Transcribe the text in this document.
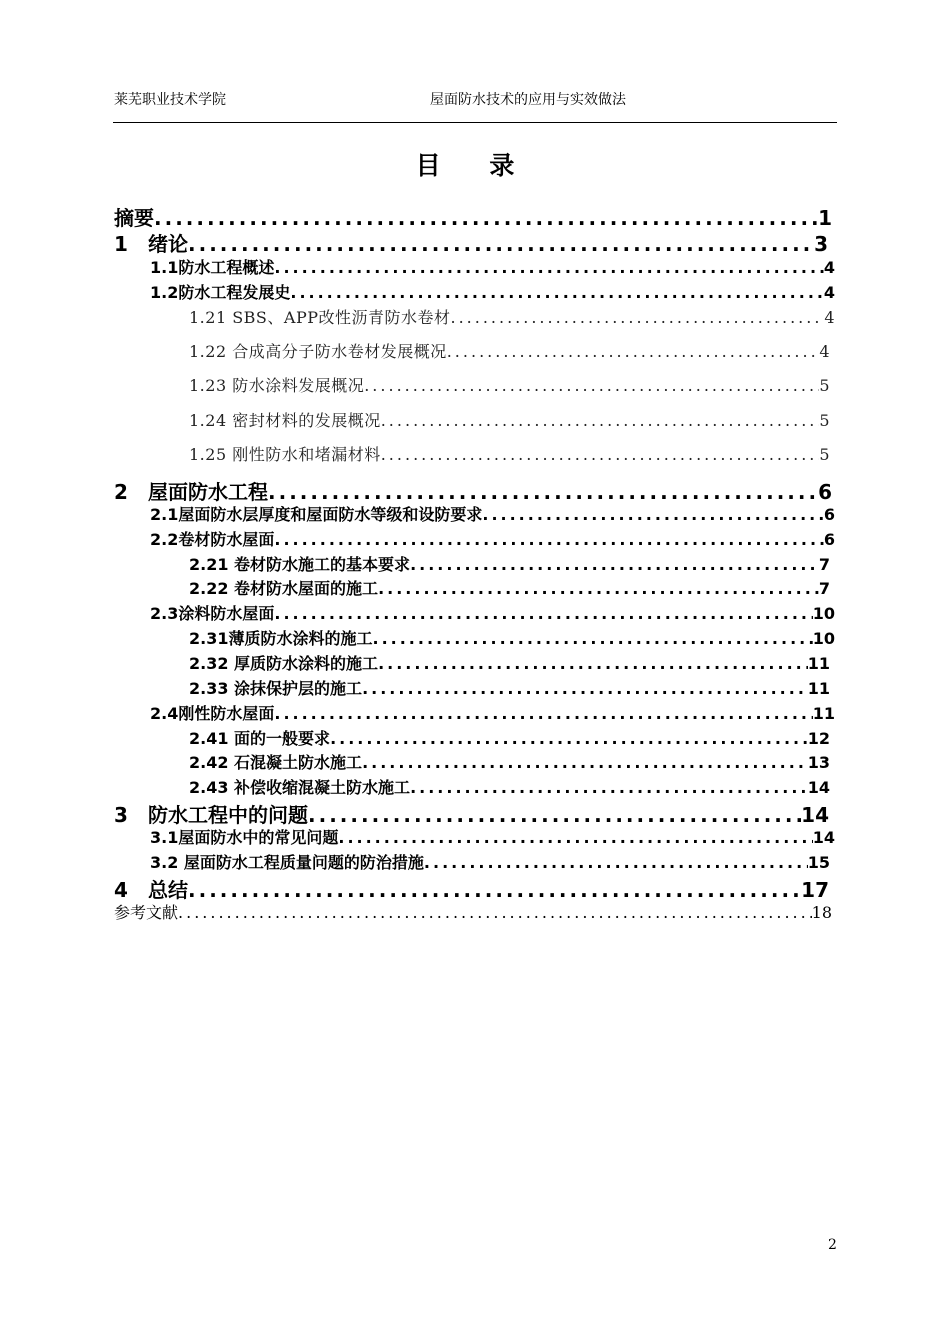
莱芜职业技术学院	屋面防水技术的应用与实效做法
目 录
摘要 .....	1
1 绪论 .....	3
1.1防水工程概述 .....	4
1.2防水工程发展史 .....	4
1.21 SBS、APP改性沥青防水卷材 .....	4
1.22 合成高分子防水卷材发展概况 .....	4
1.23 防水涂料发展概况 .....	5
1.24 密封材料的发展概况 .....	5
1.25 刚性防水和堵漏材料 .....	5
2 屋面防水工程 .....	6
2.1屋面防水层厚度和屋面防水等级和设防要求 .....	6
2.2卷材防水屋面 .....	6
2.21 卷材防水施工的基本要求 .....	7
2.22 卷材防水屋面的施工 .....	7
2.3涂料防水屋面 .....	10
2.31薄质防水涂料的施工 .....	10
2.32 厚质防水涂料的施工 .....	11
2.33 涂抹保护层的施工 .....	11
2.4刚性防水屋面 .....	11
2.41 面的一般要求 .....	12
2.42 石混凝土防水施工 .....	13
2.43 补偿收缩混凝土防水施工 .....	14
3 防水工程中的问题 .....	14
3.1屋面防水中的常见问题 .....	14
3.2 屋面防水工程质量问题的防治措施 .....	15
4 总结 .....	17
参考文献 .....	18
2
